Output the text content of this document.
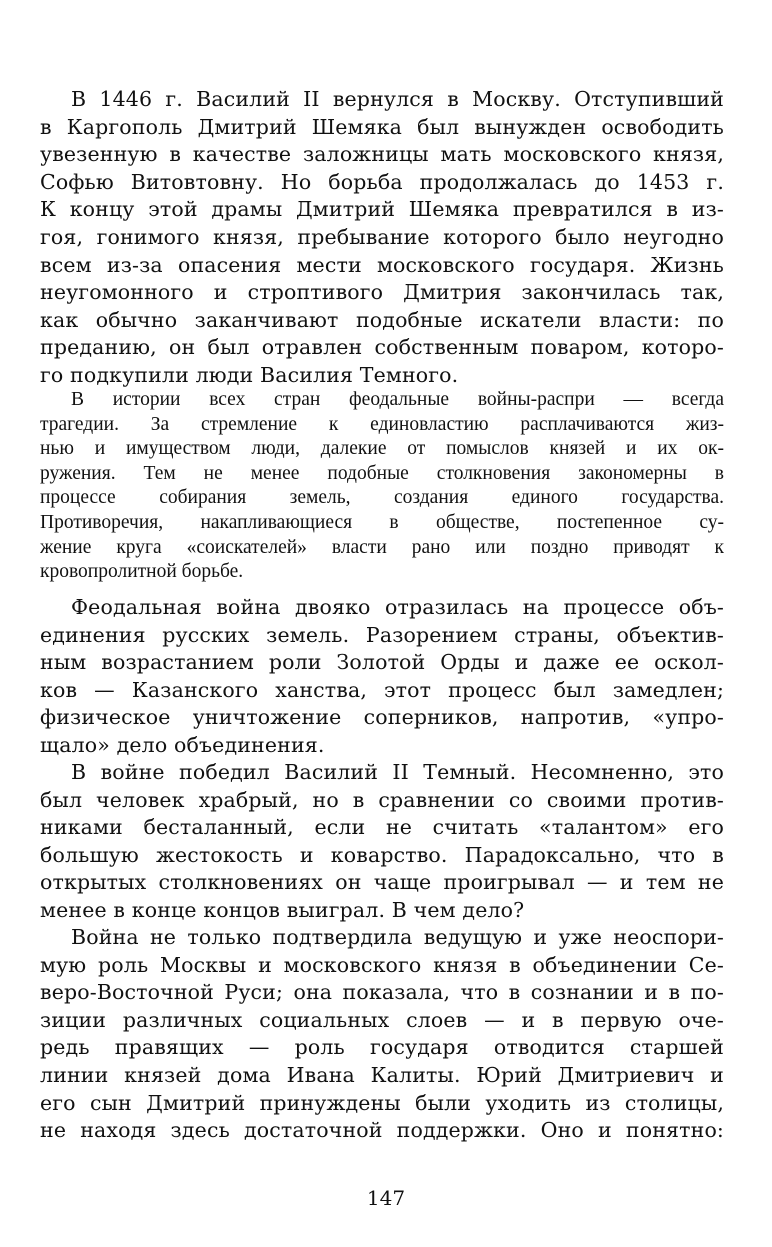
В 1446 г. Василий II вернулся в Москву. Отступивший
в Каргополь Дмитрий Шемяка был вынужден освободить
увезенную в качестве заложницы мать московского князя,
Софью Витовтовну. Но борьба продолжалась до 1453 г.
К концу этой драмы Дмитрий Шемяка превратился в из-
гоя, гонимого князя, пребывание которого было неугодно
всем из-за опасения мести московского государя. Жизнь
неугомонного и строптивого Дмитрия закончилась так,
как обычно заканчивают подобные искатели власти: по
преданию, он был отравлен собственным поваром, которо-
го подкупили люди Василия Темного.
В истории всех стран феодальные войны-распри — всегда
трагедии. За стремление к единовластию расплачиваются жиз-
нью и имуществом люди, далекие от помыслов князей и их ок-
ружения. Тем не менее подобные столкновения закономерны в
процессе собирания земель, создания единого государства.
Противоречия, накапливающиеся в обществе, постепенное су-
жение круга «соискателей» власти рано или поздно приводят к
кровопролитной борьбе.
Феодальная война двояко отразилась на процессе объ-
единения русских земель. Разорением страны, объектив-
ным возрастанием роли Золотой Орды и даже ее оскол-
ков — Казанского ханства, этот процесс был замедлен;
физическое уничтожение соперников, напротив, «упро-
щало» дело объединения.
В войне победил Василий II Темный. Несомненно, это
был человек храбрый, но в сравнении со своими против-
никами бесталанный, если не считать «талантом» его
большую жестокость и коварство. Парадоксально, что в
открытых столкновениях он чаще проигрывал — и тем не
менее в конце концов выиграл. В чем дело?
Война не только подтвердила ведущую и уже неоспори-
мую роль Москвы и московского князя в объединении Се-
веро-Восточной Руси; она показала, что в сознании и в по-
зиции различных социальных слоев — и в первую оче-
редь правящих — роль государя отводится старшей
линии князей дома Ивана Калиты. Юрий Дмитриевич и
его сын Дмитрий принуждены были уходить из столицы,
не находя здесь достаточной поддержки. Оно и понятно:
147
